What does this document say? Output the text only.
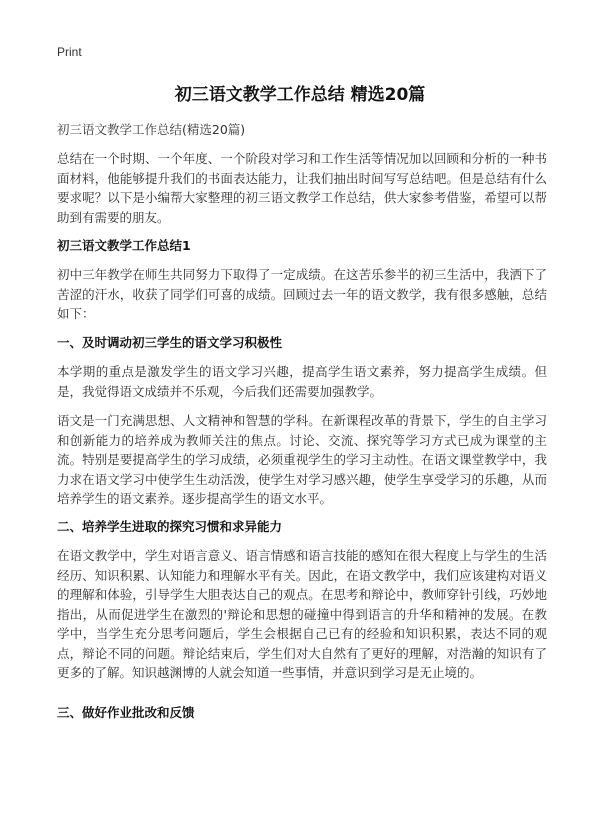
Print
初三语文教学工作总结 精选20篇
初三语文教学工作总结(精选20篇)
总结在一个时期、一个年度、一个阶段对学习和工作生活等情况加以回顾和分析的一种书面材料，他能够提升我们的书面表达能力，让我们抽出时间写写总结吧。但是总结有什么要求呢？以下是小编帮大家整理的初三语文教学工作总结，供大家参考借鉴，希望可以帮助到有需要的朋友。
初三语文教学工作总结1
初中三年教学在师生共同努力下取得了一定成绩。在这苦乐参半的初三生活中，我洒下了苦涩的汗水，收获了同学们可喜的成绩。回顾过去一年的语文教学，我有很多感触，总结如下：
一、及时调动初三学生的语文学习积极性
本学期的重点是激发学生的语文学习兴趣，提高学生语文素养，努力提高学生成绩。但是，我觉得语文成绩并不乐观，今后我们还需要加强教学。
语文是一门充满思想、人文精神和智慧的学科。在新课程改革的背景下，学生的自主学习和创新能力的培养成为教师关注的焦点。讨论、交流、探究等学习方式已成为课堂的主流。特别是要提高学生的学习成绩，必须重视学生的学习主动性。在语文课堂教学中，我力求在语文学习中使学生生动活泼，使学生对学习感兴趣，使学生享受学习的乐趣，从而培养学生的语文素养。逐步提高学生的语文水平。
二、培养学生进取的探究习惯和求异能力
在语文教学中，学生对语言意义、语言情感和语言技能的感知在很大程度上与学生的生活经历、知识积累、认知能力和理解水平有关。因此，在语文教学中，我们应该建构对语义的理解和体验，引导学生大胆表达自己的观点。在思考和辩论中，教师穿针引线，巧妙地指出，从而促进学生在激烈的'辩论和思想的碰撞中得到语言的升华和精神的发展。在教学中，当学生充分思考问题后，学生会根据自己已有的经验和知识积累，表达不同的观点，辩论不同的问题。辩论结束后，学生们对大自然有了更好的理解，对浩瀚的知识有了更多的了解。知识越渊博的人就会知道一些事情，并意识到学习是无止境的。
三、做好作业批改和反馈
